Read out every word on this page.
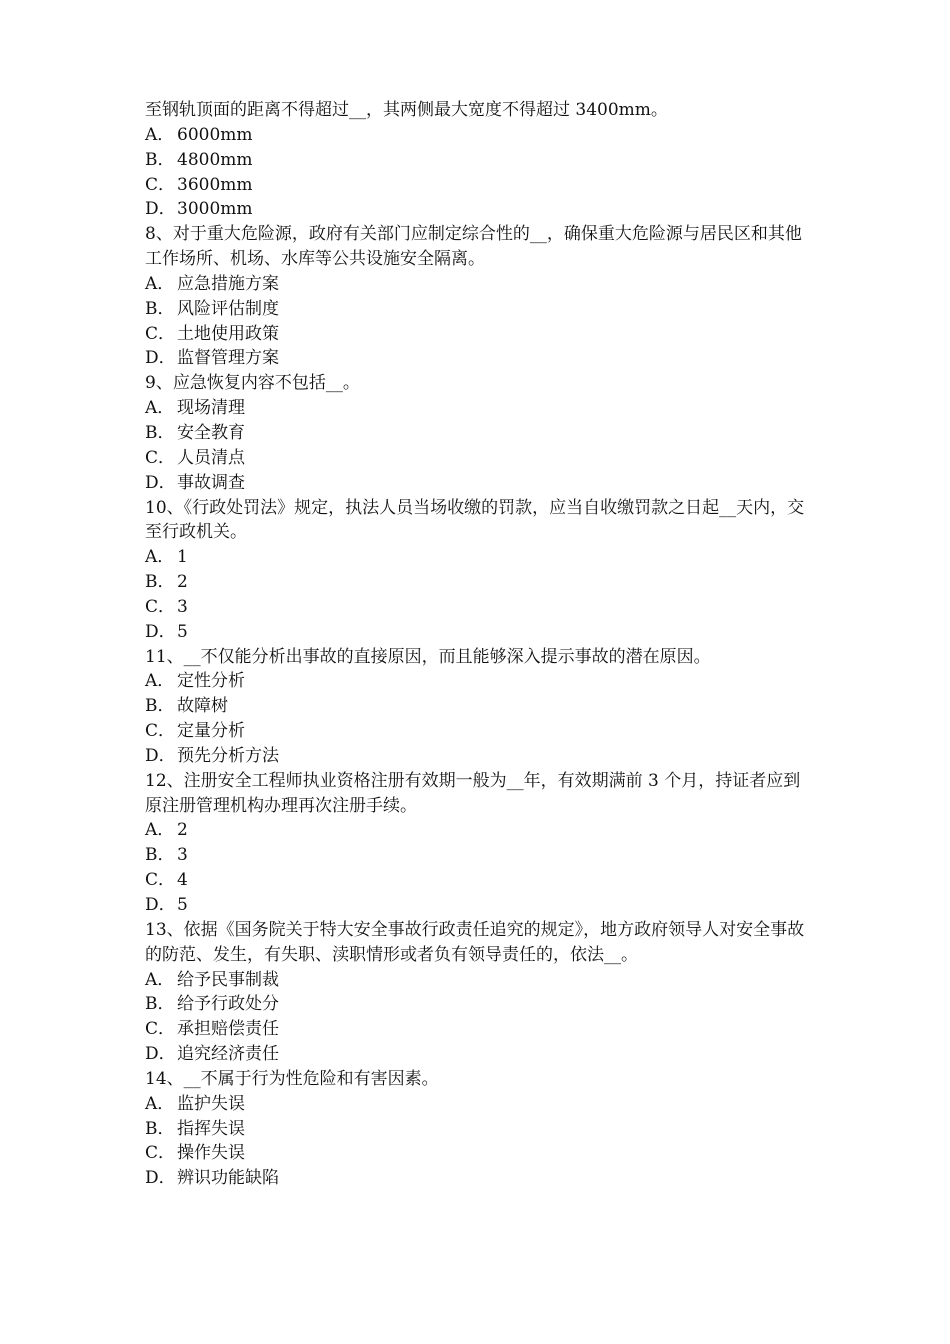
至钢轨顶面的距离不得超过__，其两侧最大宽度不得超过 3400mm。
A． 6000mm
B． 4800mm
C． 3600mm
D．3000mm
8、对于重大危险源，政府有关部门应制定综合性的__，确保重大危险源与居民区和其他工作场所、机场、水库等公共设施安全隔离。
A． 应急措施方案
B． 风险评估制度
C． 土地使用政策
D．监督管理方案
9、应急恢复内容不包括__。
A． 现场清理
B． 安全教育
C． 人员清点
D．事故调查
10、《行政处罚法》规定，执法人员当场收缴的罚款，应当自收缴罚款之日起__天内，交至行政机关。
A． 1
B． 2
C． 3
D．5
11、__不仅能分析出事故的直接原因，而且能够深入提示事故的潜在原因。
A． 定性分析
B． 故障树
C． 定量分析
D．预先分析方法
12、注册安全工程师执业资格注册有效期一般为__年，有效期满前 3 个月，持证者应到原注册管理机构办理再次注册手续。
A． 2
B． 3
C． 4
D．5
13、依据《国务院关于特大安全事故行政责任追究的规定》，地方政府领导人对安全事故的防范、发生，有失职、渎职情形或者负有领导责任的，依法__。
A． 给予民事制裁
B． 给予行政处分
C． 承担赔偿责任
D．追究经济责任
14、__不属于行为性危险和有害因素。
A． 监护失误
B． 指挥失误
C． 操作失误
D．辨识功能缺陷
